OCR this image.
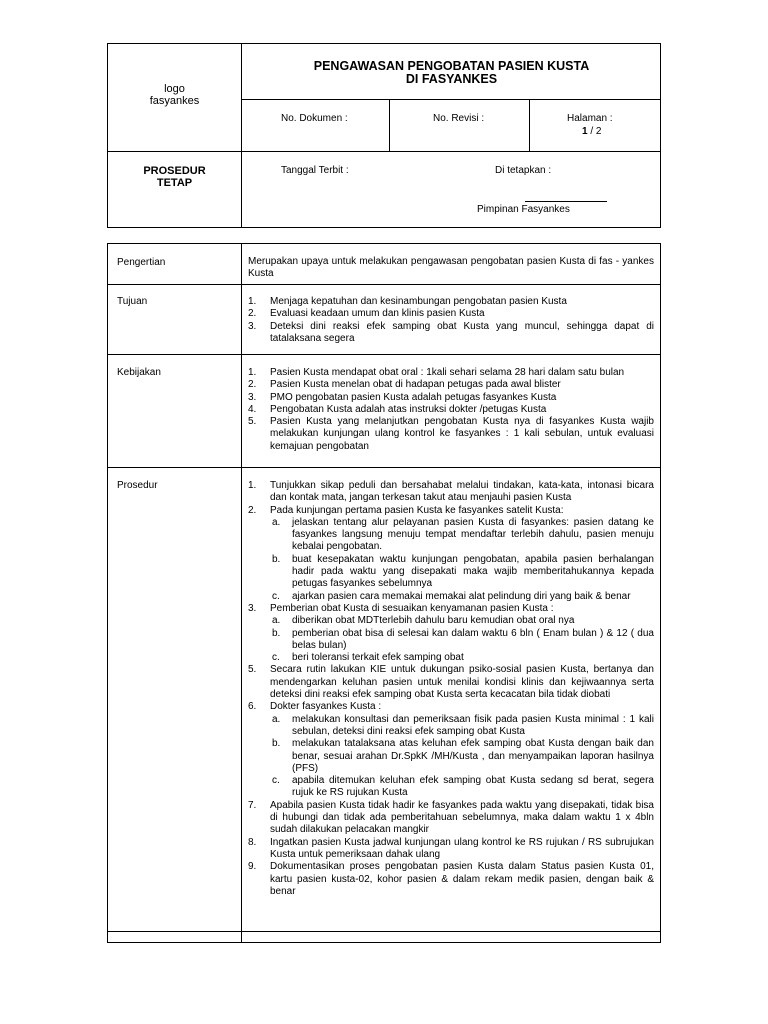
logo
fasyankes
PENGAWASAN PENGOBATAN PASIEN KUSTA
DI FASYANKES
No. Dokumen :	No. Revisi :	Halaman :
1 / 2
PROSEDUR
TETAP
Tanggal Terbit :	Di tetapkan :
Pimpinan Fasyankes
Pengertian	Merupakan upaya untuk melakukan pengawasan pengobatan pasien Kusta di fas - yankes Kusta
Tujuan	1. Menjaga kepatuhan dan kesinambungan pengobatan pasien Kusta
2. Evaluasi keadaan umum dan klinis pasien Kusta
3. Deteksi dini reaksi efek samping obat Kusta yang muncul, sehingga dapat di tatalaksana segera
Kebijakan	1. Pasien Kusta mendapat obat oral : 1kali sehari selama 28 hari dalam satu bulan
2. Pasien Kusta menelan obat di hadapan petugas pada awal blister
3. PMO pengobatan pasien Kusta adalah petugas fasyankes Kusta
4. Pengobatan Kusta adalah atas instruksi dokter /petugas Kusta
5. Pasien Kusta yang melanjutkan pengobatan Kusta nya di fasyankes Kusta wajib melakukan kunjungan ulang kontrol ke fasyankes : 1 kali sebulan, untuk evaluasi kemajuan pengobatan
Prosedur	1. Tunjukkan sikap peduli dan bersahabat melalui tindakan, kata-kata, intonasi bicara dan kontak mata, jangan terkesan takut atau menjauhi pasien Kusta
2. Pada kunjungan pertama pasien Kusta ke fasyankes satelit Kusta:
a. jelaskan tentang alur pelayanan pasien Kusta di fasyankes: pasien datang ke fasyankes langsung menuju tempat mendaftar terlebih dahulu, pasien menuju kebalai pengobatan.
b. buat kesepakatan waktu kunjungan pengobatan, apabila pasien berhalangan hadir pada waktu yang disepakati maka wajib memberitahukannya kepada petugas fasyankes sebelumnya
c. ajarkan pasien cara memakai memakai alat pelindung diri yang baik & benar
3. Pemberian obat Kusta di sesuaikan kenyamanan pasien Kusta :
a. diberikan obat MDTterlebih dahulu baru kemudian obat oral nya
b. pemberian obat bisa di selesai kan dalam waktu 6 bln ( Enam bulan ) & 12 ( dua belas bulan)
c. beri toleransi terkait efek samping obat
5. Secara rutin lakukan KIE untuk dukungan psiko-sosial pasien Kusta, bertanya dan mendengarkan keluhan pasien untuk menilai kondisi klinis dan kejiwaannya serta deteksi dini reaksi efek samping obat Kusta serta kecacatan bila tidak diobati
6. Dokter fasyankes Kusta :
a. melakukan konsultasi dan pemeriksaan fisik pada pasien Kusta minimal : 1 kali sebulan, deteksi dini reaksi efek samping obat Kusta
b. melakukan tatalaksana atas keluhan efek samping obat Kusta dengan baik dan benar, sesuai arahan Dr.SpkK /MH/Kusta , dan menyampaikan laporan hasilnya (PFS)
c. apabila ditemukan keluhan efek samping obat Kusta sedang sd berat, segera rujuk ke RS rujukan Kusta
7. Apabila pasien Kusta tidak hadir ke fasyankes pada waktu yang disepakati, tidak bisa di hubungi dan tidak ada pemberitahuan sebelumnya, maka dalam waktu 1 x 4bln sudah dilakukan pelacakan mangkir
8. Ingatkan pasien Kusta jadwal kunjungan ulang kontrol ke RS rujukan / RS subrujukan Kusta untuk pemeriksaan dahak ulang
9. Dokumentasikan proses pengobatan pasien Kusta dalam Status pasien Kusta 01, kartu pasien kusta-02, kohor pasien & dalam rekam medik pasien, dengan baik & benar
